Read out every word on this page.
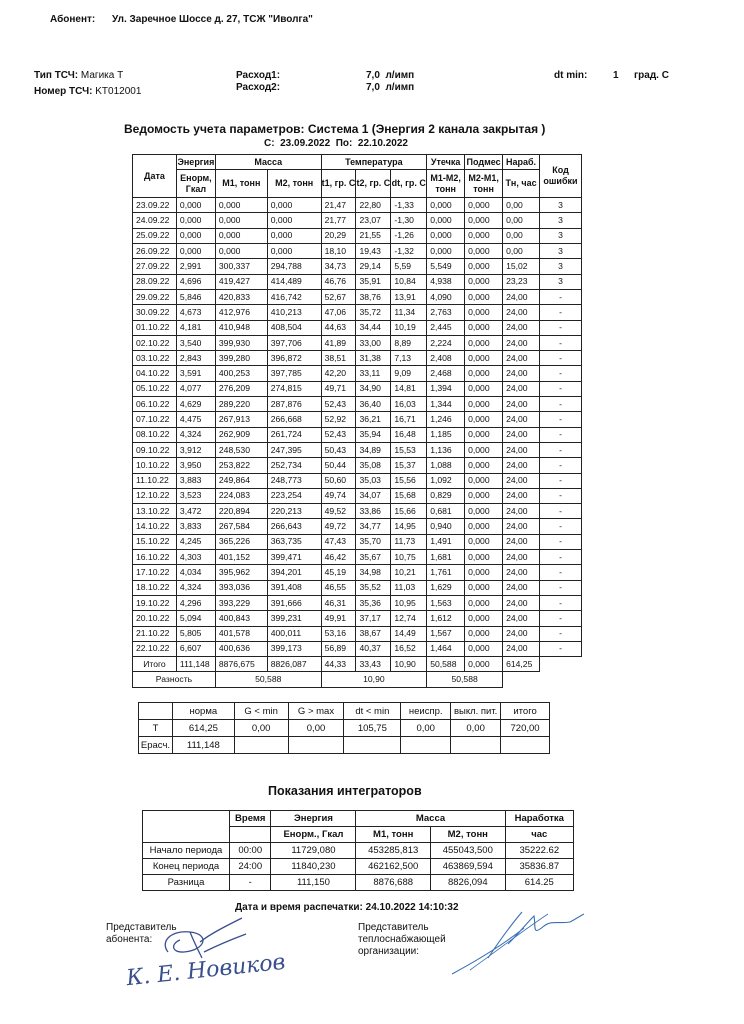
Абонент: Ул. Заречное Шоссе д. 27, ТСЖ "Иволга"
Тип ТСЧ: Магика Т
Номер ТСЧ: KT012001
Расход1:
Расход2:
7,0  л/имп
7,0  л/имп
dt min:	1 град. С
Ведомость учета параметров: Система 1 (Энергия 2 канала закрытая )
С:  23.09.2022  По:  22.10.2022
Дата	Энергия	Масса		Температура			Утечка	Подмес	Нараб.	Код ошибки
	Енорм, Гкал	М1, тонн	М2, тонн	t1, гр. С	t2, гр. С	dt, гр. С	М1-М2, тонн	М2-М1, тонн	Тн, час	
23.09.22	0,000	0,000	0,000	21,47	22,80	-1,33	0,000	0,000	0,00	3
24.09.22	0,000	0,000	0,000	21,77	23,07	-1,30	0,000	0,000	0,00	3
25.09.22	0,000	0,000	0,000	20,29	21,55	-1,26	0,000	0,000	0,00	3
26.09.22	0,000	0,000	0,000	18,10	19,43	-1,32	0,000	0,000	0,00	3
27.09.22	2,991	300,337	294,788	34,73	29,14	5,59	5,549	0,000	15,02	3
28.09.22	4,696	419,427	414,489	46,76	35,91	10,84	4,938	0,000	23,23	3
29.09.22	5,846	420,833	416,742	52,67	38,76	13,91	4,090	0,000	24,00	-
30.09.22	4,673	412,976	410,213	47,06	35,72	11,34	2,763	0,000	24,00	-
01.10.22	4,181	410,948	408,504	44,63	34,44	10,19	2,445	0,000	24,00	-
02.10.22	3,540	399,930	397,706	41,89	33,00	8,89	2,224	0,000	24,00	-
03.10.22	2,843	399,280	396,872	38,51	31,38	7,13	2,408	0,000	24,00	-
04.10.22	3,591	400,253	397,785	42,20	33,11	9,09	2,468	0,000	24,00	-
05.10.22	4,077	276,209	274,815	49,71	34,90	14,81	1,394	0,000	24,00	-
06.10.22	4,629	289,220	287,876	52,43	36,40	16,03	1,344	0,000	24,00	-
07.10.22	4,475	267,913	266,668	52,92	36,21	16,71	1,246	0,000	24,00	-
08.10.22	4,324	262,909	261,724	52,43	35,94	16,48	1,185	0,000	24,00	-
09.10.22	3,912	248,530	247,395	50,43	34,89	15,53	1,136	0,000	24,00	-
10.10.22	3,950	253,822	252,734	50,44	35,08	15,37	1,088	0,000	24,00	-
11.10.22	3,883	249,864	248,773	50,60	35,03	15,56	1,092	0,000	24,00	-
12.10.22	3,523	224,083	223,254	49,74	34,07	15,68	0,829	0,000	24,00	-
13.10.22	3,472	220,894	220,213	49,52	33,86	15,66	0,681	0,000	24,00	-
14.10.22	3,833	267,584	266,643	49,72	34,77	14,95	0,940	0,000	24,00	-
15.10.22	4,245	365,226	363,735	47,43	35,70	11,73	1,491	0,000	24,00	-
16.10.22	4,303	401,152	399,471	46,42	35,67	10,75	1,681	0,000	24,00	-
17.10.22	4,034	395,962	394,201	45,19	34,98	10,21	1,761	0,000	24,00	-
18.10.22	4,324	393,036	391,408	46,55	35,52	11,03	1,629	0,000	24,00	-
19.10.22	4,296	393,229	391,666	46,31	35,36	10,95	1,563	0,000	24,00	-
20.10.22	5,094	400,843	399,231	49,91	37,17	12,74	1,612	0,000	24,00	-
21.10.22	5,805	401,578	400,011	53,16	38,67	14,49	1,567	0,000	24,00	-
22.10.22	6,607	400,636	399,173	56,89	40,37	16,52	1,464	0,000	24,00	-
Итого	111,148	8876,675	8826,087	44,33	33,43	10,90	50,588	0,000	614,25	
Разность		50,588		10,90			50,588			
	норма	G < min	G > max	dt < min	неиспр.	выкл. пит.	итого
Т	614,25	0,00	0,00	105,75	0,00	0,00	720,00
Eрасч.	111,148						
Показания интеграторов
	Время	Энергия	Масса		Наработка
		Енорм., Гкал	М1, тонн	М2, тонн	час
Начало периода	00:00	11729,080	453285,813	455043,500	35222.62
Конец периода	24:00	11840,230	462162,500	463869,594	35836.87
Разница	-	111,150	8876,688	8826,094	614.25
Дата и время распечатки: 24.10.2022 14:10:32
Представитель абонента:
Представитель
теплоснабжающей
организации:
К. Е. Новиков
